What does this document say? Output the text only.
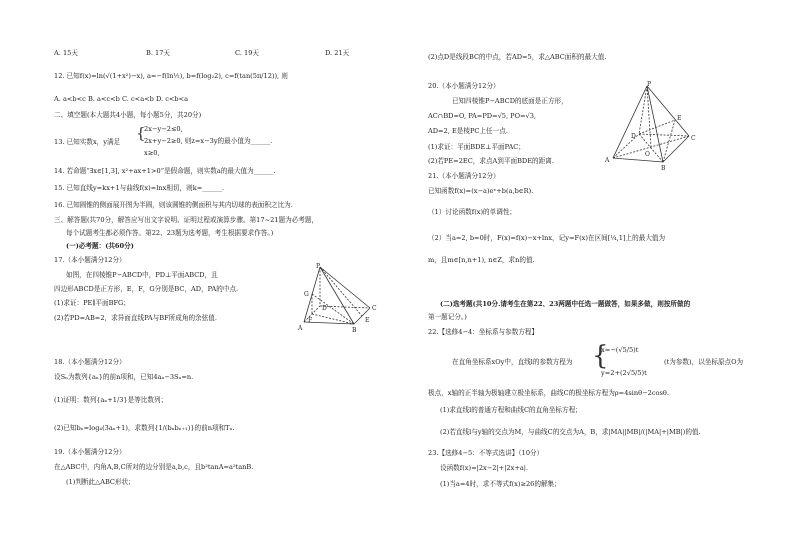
A. 15天	B. 17天	C. 19天	D. 21天
12. 已知f(x)=ln(√(1+x²)−x), a=−f(ln½), b=f(log₂2), c=f(tan(5π/12)), 则
A. a<b<c B. a<c<b C. c<a<b D. c<b<a
二、填空题(本大题共4小题，每小题5分，共20分)
13. 已知实数x，y满足 {
2x−y−2≤0,
2x+y−2≥0, 则z=x−3y的最小值为______.
x≥0,
14. 若命题“∃x∈[1,3], x²+ax+1>0”是假命题，则实数a的最大值为______.
15. 已知直线y=kx+1与曲线f(x)=lnx相切，则k=______.
16. 已知圆锥的侧面展开图为半圆，则该圆锥的侧面积与其内切球的表面积之比为.
三、解答题(共70分，解答应写出文字说明、证明过程或演算步骤。第17~21题为必考题，
每个试题考生都必须作答。第22、23题为选考题，考生根据要求作答。)
(一)必考题：(共60分)
17.（本小题满分12分）
如图，在四棱锥P−ABCD中，PD⊥平面ABCD，且
四边形ABCD是正方形，E，F，G分别是BC，AD，PA的中点.
(1)求证：PE∥平面BFG；
(2)若PD=AB=2，求异面直线PA与BF所成角的余弦值.
18.（本小题满分12分）
设Sₙ为数列{aₙ}的前n项和，已知4aₙ−3Sₙ=n.
(1)证明：数列{aₙ+1/3}是等比数列；
(2)已知bₙ=log₄(3aₙ+1)，求数列{1/(bₙbₙ₊₁)}的前n项和Tₙ.
19.（本小题满分12分）
在△ABC中，内角A,B,C所对的边分别是a,b,c，且b²tanA=a²tanB.
(1)判断此△ABC形状；
P
G
A
F
D
E
C
B
(2)点D是线段BC的中点，若AD=5，求△ABC面积的最大值.
20.（本小题满分12分）
已知四棱锥P−ABCD的底面是正方形，
AC∩BD=O, PA=PD=√5, PO=√3,
AD=2, E是棱PC上任一点.
(1)求证：平面BDE⊥平面PAC；
(2)若PE=2EC，求点A到平面BDE的距离.
21.（本小题满分12分）
已知函数f(x)=(x−a)eˣ+b(a,b∈R).
（1）讨论函数f(x)的单调性；
（2）当a=2, b=0时，F(x)=f(x)−x+lnx，记y=F(x)在区间[¼,1]上的最大值为
m，且m∈[n,n+1), n∈Z，求n的值.
(二)选考题(共10分.请考生在第22、23两题中任选一题做答，如果多做，则按所做的
第一题记分。)
22.【选修4−4：坐标系与参数方程】
在直角坐标系xOy中，直线l的参数方程为 {
x=−(√5/5)t
y=2+(2√5/5)t
(t为参数)，以坐标原点O为
极点，x轴的正半轴为极轴建立极坐标系，曲线C的极坐标方程为ρ=4sinθ−2cosθ.
(1)求直线l的普通方程和曲线C的直角坐标方程；
(2)若直线l与y轴的交点为M，与曲线C的交点为A，B，求|MA||MB|/(|MA|+|MB|)的值.
23.【选修4−5：不等式选讲】（10分）
设函数f(x)=|2x−2|+|2x+a|.
(1)当a=4时，求不等式f(x)≥26的解集；
P
D
E
C
O
A
B
